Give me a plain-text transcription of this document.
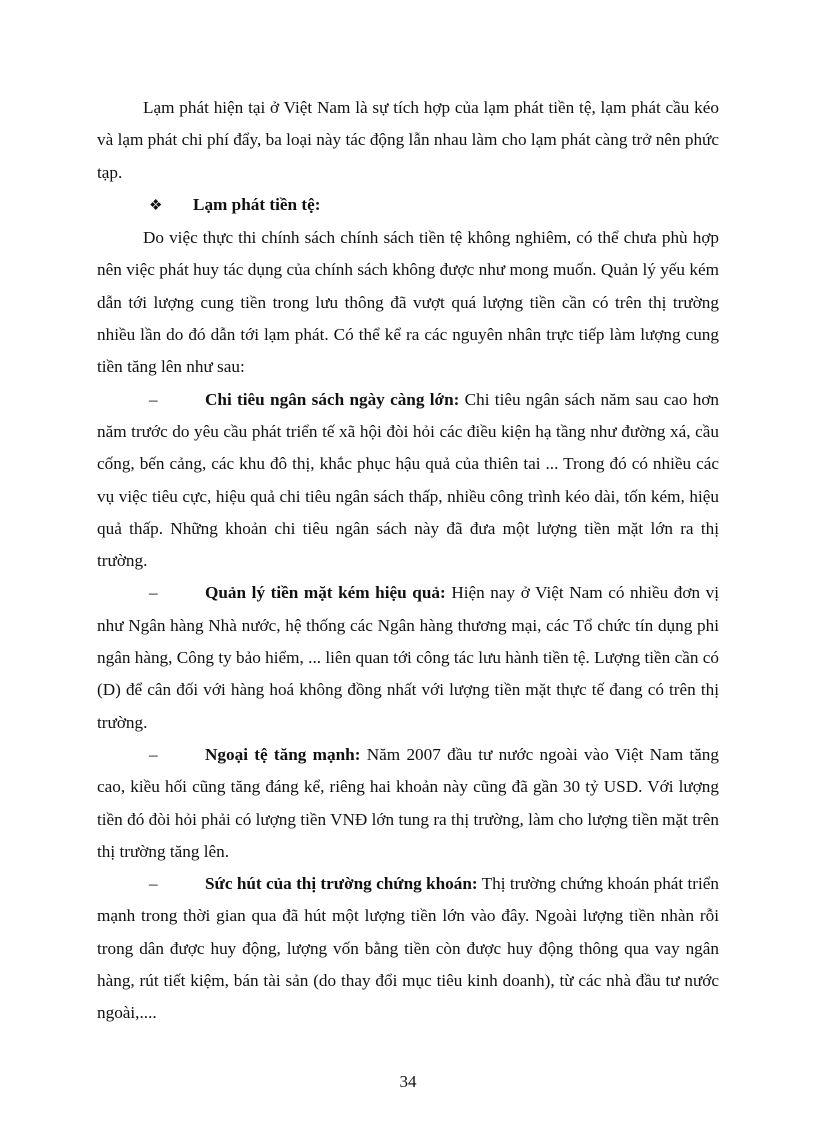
Lạm phát hiện tại ở Việt Nam là sự tích hợp của lạm phát tiền tệ, lạm phát cầu kéo và lạm phát chi phí đẩy, ba loại này tác động lẫn nhau làm cho lạm phát càng trở nên phức tạp.

❖ Lạm phát tiền tệ:

Do việc thực thi chính sách chính sách tiền tệ không nghiêm, có thể chưa phù hợp nên việc phát huy tác dụng của chính sách không được như mong muốn. Quản lý yếu kém dẫn tới lượng cung tiền trong lưu thông đã vượt quá lượng tiền cần có trên thị trường nhiều lần do đó dẫn tới lạm phát. Có thể kể ra các nguyên nhân trực tiếp làm lượng cung tiền tăng lên như sau:

–	Chi tiêu ngân sách ngày càng lớn: Chi tiêu ngân sách năm sau cao hơn năm trước do yêu cầu phát triển tế xã hội đòi hỏi các điều kiện hạ tầng như đường xá, cầu cống, bến cảng, các khu đô thị, khắc phục hậu quả của thiên tai ... Trong đó có nhiều các vụ việc tiêu cực, hiệu quả chi tiêu ngân sách thấp, nhiều công trình kéo dài, tốn kém, hiệu quả thấp. Những khoản chi tiêu ngân sách này đã đưa một lượng tiền mặt lớn ra thị trường.

–	Quản lý tiền mặt kém hiệu quả: Hiện nay ở Việt Nam có nhiều đơn vị như Ngân hàng Nhà nước, hệ thống các Ngân hàng thương mại, các Tổ chức tín dụng phi ngân hàng, Công ty bảo hiểm, ... liên quan tới công tác lưu hành tiền tệ. Lượng tiền cần có (D) để cân đối với hàng hoá không đồng nhất với lượng tiền mặt thực tế đang có trên thị trường.

–	Ngoại tệ tăng mạnh: Năm 2007 đầu tư nước ngoài vào Việt Nam tăng cao, kiều hối cũng tăng đáng kể, riêng hai khoản này cũng đã gần 30 tỷ USD. Với lượng tiền đó đòi hỏi phải có lượng tiền VNĐ lớn tung ra thị trường, làm cho lượng tiền mặt trên thị trường tăng lên.

–	Sức hút của thị trường chứng khoán: Thị trường chứng khoán phát triển mạnh trong thời gian qua đã hút một lượng tiền lớn vào đây. Ngoài lượng tiền nhàn rỗi trong dân được huy động, lượng vốn bằng tiền còn được huy động thông qua vay ngân hàng, rút tiết kiệm, bán tài sản (do thay đổi mục tiêu kinh doanh), từ các nhà đầu tư nước ngoài,....

34
